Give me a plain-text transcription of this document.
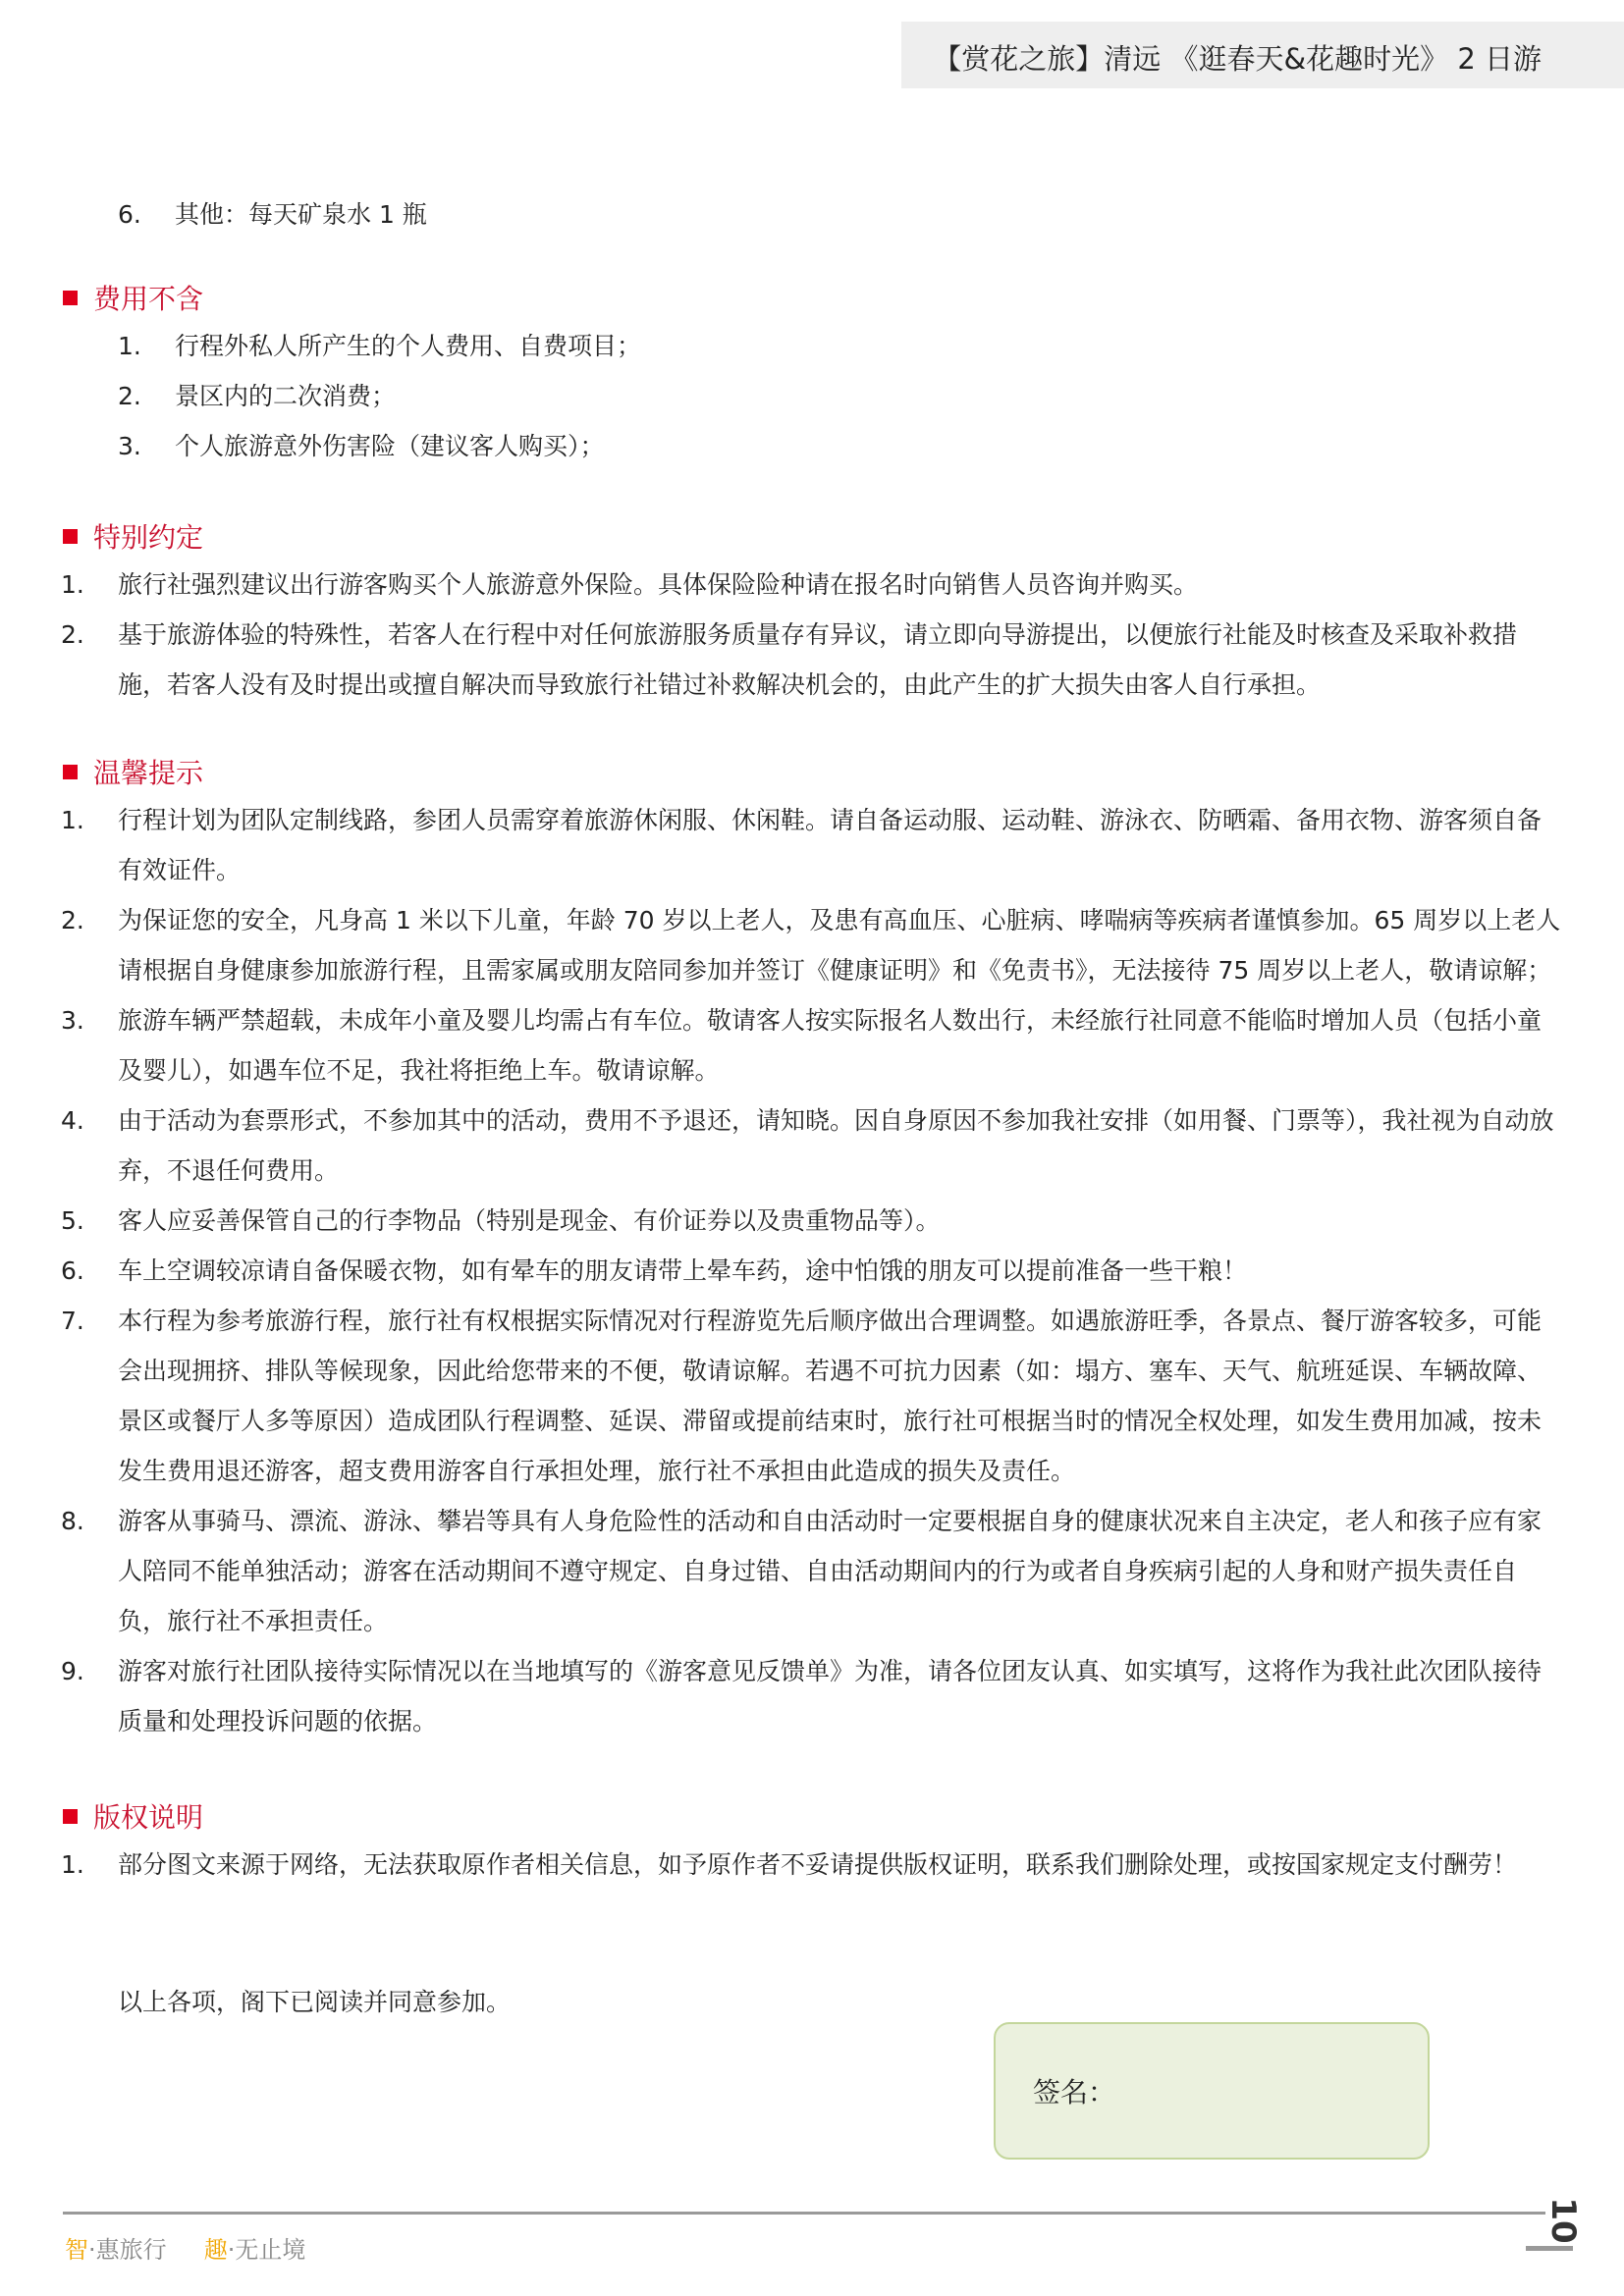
【赏花之旅】清远 《逛春天&花趣时光》 2 日游
6.	其他：每天矿泉水 1 瓶
费用不含
1.	行程外私人所产生的个人费用、自费项目；
2.	景区内的二次消费；
3.	个人旅游意外伤害险（建议客人购买）；
特别约定
1.	旅行社强烈建议出行游客购买个人旅游意外保险。具体保险险种请在报名时向销售人员咨询并购买。
2.	基于旅游体验的特殊性，若客人在行程中对任何旅游服务质量存有异议，请立即向导游提出，以便旅行社能及时核查及采取补救措施，若客人没有及时提出或擅自解决而导致旅行社错过补救解决机会的，由此产生的扩大损失由客人自行承担。
温馨提示
1.	行程计划为团队定制线路，参团人员需穿着旅游休闲服、休闲鞋。请自备运动服、运动鞋、游泳衣、防晒霜、备用衣物、游客须自备有效证件。
2.	为保证您的安全，凡身高 1 米以下儿童，年龄 70 岁以上老人，及患有高血压、心脏病、哮喘病等疾病者谨慎参加。65 周岁以上老人请根据自身健康参加旅游行程，且需家属或朋友陪同参加并签订《健康证明》和《免责书》，无法接待 75 周岁以上老人，敬请谅解；
3.	旅游车辆严禁超载，未成年小童及婴儿均需占有车位。敬请客人按实际报名人数出行，未经旅行社同意不能临时增加人员（包括小童及婴儿），如遇车位不足，我社将拒绝上车。敬请谅解。
4.	由于活动为套票形式，不参加其中的活动，费用不予退还，请知晓。因自身原因不参加我社安排（如用餐、门票等），我社视为自动放弃，不退任何费用。
5.	客人应妥善保管自己的行李物品（特别是现金、有价证券以及贵重物品等）。
6.	车上空调较凉请自备保暖衣物，如有晕车的朋友请带上晕车药，途中怕饿的朋友可以提前准备一些干粮！
7.	本行程为参考旅游行程，旅行社有权根据实际情况对行程游览先后顺序做出合理调整。如遇旅游旺季，各景点、餐厅游客较多，可能会出现拥挤、排队等候现象，因此给您带来的不便，敬请谅解。若遇不可抗力因素（如：塌方、塞车、天气、航班延误、车辆故障、景区或餐厅人多等原因）造成团队行程调整、延误、滞留或提前结束时，旅行社可根据当时的情况全权处理，如发生费用加减，按未发生费用退还游客，超支费用游客自行承担处理，旅行社不承担由此造成的损失及责任。
8.	游客从事骑马、漂流、游泳、攀岩等具有人身危险性的活动和自由活动时一定要根据自身的健康状况来自主决定，老人和孩子应有家人陪同不能单独活动；游客在活动期间不遵守规定、自身过错、自由活动期间内的行为或者自身疾病引起的人身和财产损失责任自负，旅行社不承担责任。
9.	游客对旅行社团队接待实际情况以在当地填写的《游客意见反馈单》为准，请各位团友认真、如实填写，这将作为我社此次团队接待质量和处理投诉问题的依据。
版权说明
1.	部分图文来源于网络，无法获取原作者相关信息，如予原作者不妥请提供版权证明，联系我们删除处理，或按国家规定支付酬劳！
以上各项，阁下已阅读并同意参加。
签名：
10
智·惠旅行 趣·无止境
